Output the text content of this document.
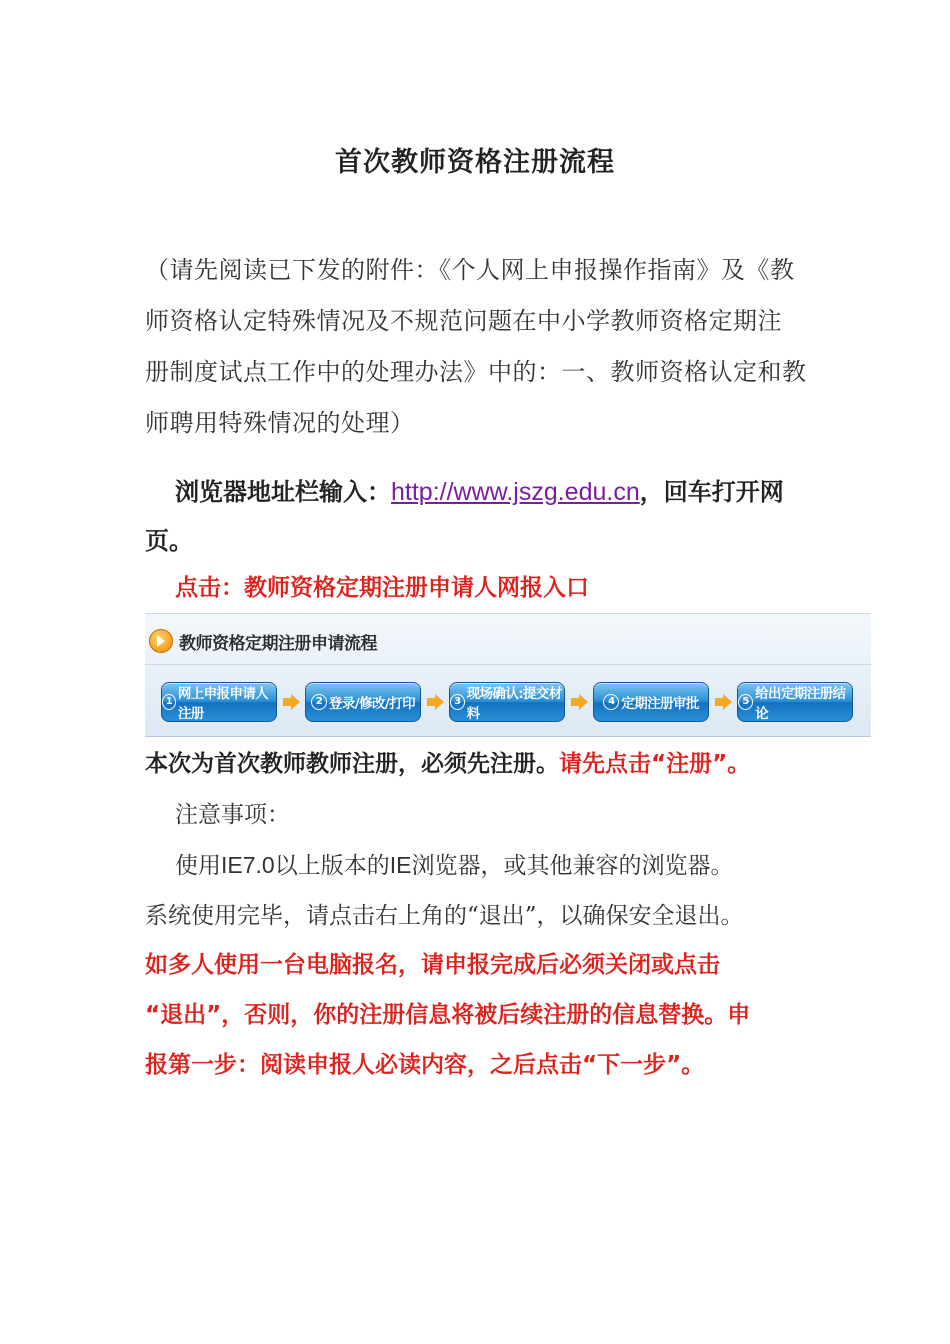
首次教师资格注册流程
（请先阅读已下发的附件：《个人网上申报操作指南》及《教
师资格认定特殊情况及不规范问题在中小学教师资格定期注
册制度试点工作中的处理办法》中的：一、教师资格认定和教
师聘用特殊情况的处理）
浏览器地址栏输入：http://www.jszg.edu.cn，回车打开网页。
点击：教师资格定期注册申请人网报入口
教师资格定期注册申请流程
1 网上申报申请人注册
2 登录/修改/打印	3 现场确认:提交材料
4 定期注册审批	5 给出定期注册结论
本次为首次教师教师注册，必须先注册。请先点击“注册”。
注意事项：
使用IE7.0以上版本的IE浏览器，或其他兼容的浏览器。
系统使用完毕，请点击右上角的“退出”，以确保安全退出。
如多人使用一台电脑报名，请申报完成后必须关闭或点击
“退出”，否则，你的注册信息将被后续注册的信息替换。申
报第一步：阅读申报人必读内容，之后点击“下一步”。
